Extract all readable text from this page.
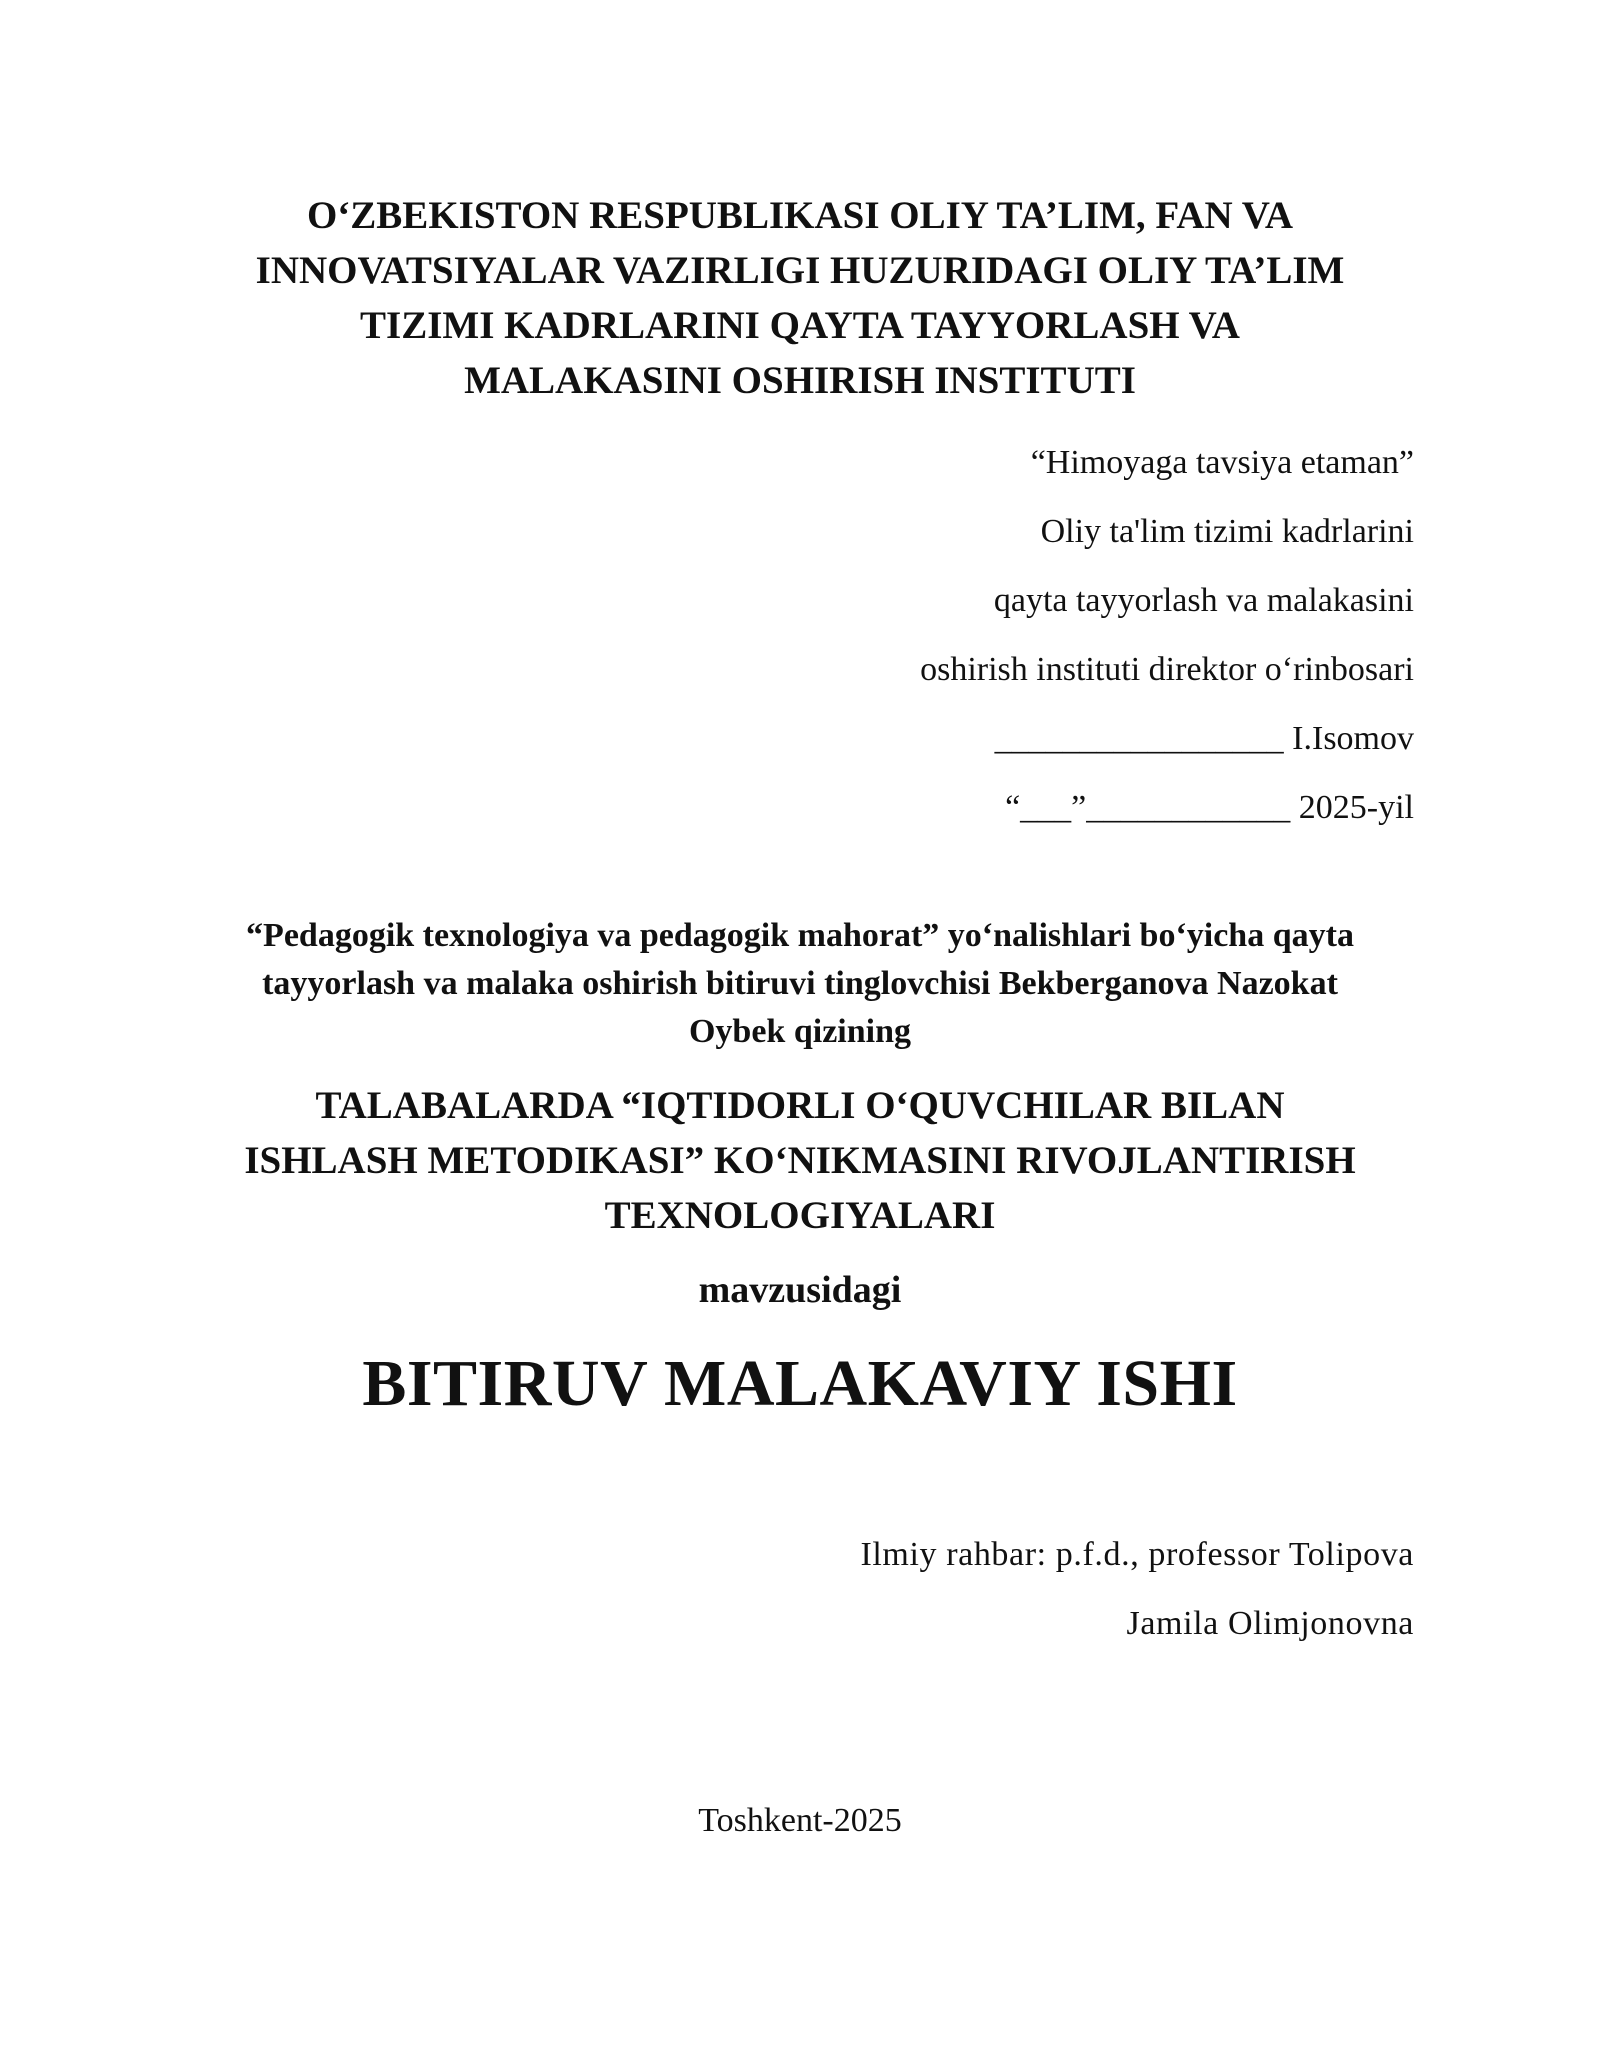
O‘ZBEKISTON RESPUBLIKASI OLIY TA’LIM, FAN VA
INNOVATSIYALAR VAZIRLIGI HUZURIDAGI OLIY TA’LIM
TIZIMI KADRLARINI QAYTA TAYYORLASH VA
MALAKASINI OSHIRISH INSTITUTI
“Himoyaga tavsiya etaman”
Oliy ta'lim tizimi kadrlarini
qayta tayyorlash va malakasini
oshirish instituti direktor o‘rinbosari
_________________ I.Isomov
“___”____________ 2025-yil
“Pedagogik texnologiya va pedagogik mahorat” yo‘nalishlari bo‘yicha qayta
tayyorlash va malaka oshirish bitiruvi tinglovchisi Bekberganova Nazokat
Oybek qizining
TALABALARDA “IQTIDORLI O‘QUVCHILAR BILAN
ISHLASH METODIKASI” KO‘NIKMASINI RIVOJLANTIRISH
TEXNOLOGIYALARI
mavzusidagi
BITIRUV MALAKAVIY ISHI
Ilmiy rahbar: p.f.d., professor Tolipova
Jamila Olimjonovna
Toshkent-2025
